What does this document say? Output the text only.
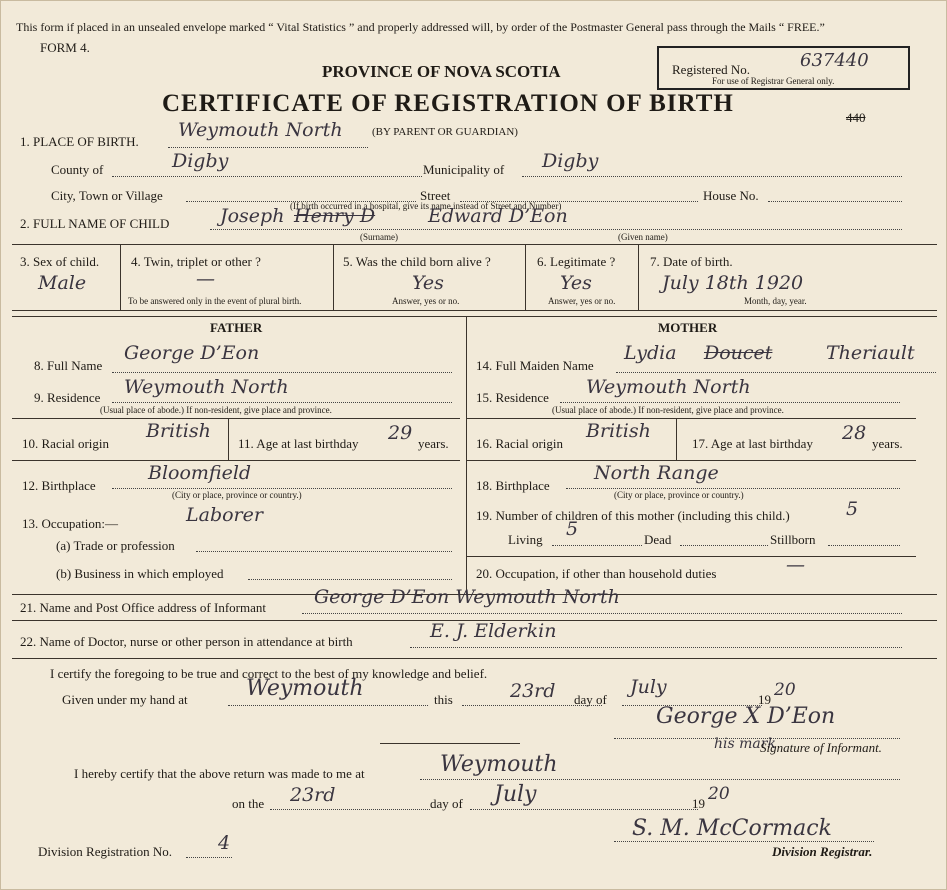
This form if placed in an unsealed envelope marked “ Vital Statistics ” and properly addressed will, by order of the Postmaster General pass through the Mails “ FREE.”
FORM 4.
PROVINCE OF NOVA SCOTIA
CERTIFICATE OF REGISTRATION OF BIRTH
Registered No.	637440
For use of Registrar General only.
440
1. PLACE OF BIRTH.
Weymouth North	(BY PARENT OR GUARDIAN)
County of	Digby	Municipality of Digby
City, Town or Village	Street	House No.
(If birth occurred in a hospital, give its name instead of Street and Number)
2. FULL NAME OF CHILD	Joseph Henry D	Edward D’Eon
(Surname)	(Given name)
3. Sex of child.
Male
4. Twin, triplet or other ?
—
To be answered only in the event of plural birth.
5. Was the child born alive ?
Yes
Answer, yes or no.
6. Legitimate ?
Yes
Answer, yes or no.
7. Date of birth.
July 18th 1920
Month, day, year.
FATHER	MOTHER
8. Full Name
George D’Eon
9. Residence Weymouth North
(Usual place of abode.) If non-resident, give place and province.
10. Racial origin
British
11. Age at last birthday 29 years.
12. Birthplace
Bloomfield
(City or place, province or country.)
13. Occupation:—	Laborer
(a) Trade or profession
(b) Business in which employed
14. Full Maiden Name
Lydia Doucet	Theriault
15. Residence Weymouth North
(Usual place of abode.) If non-resident, give place and province.
16. Racial origin
British
17. Age at last birthday 28 years.
18. Birthplace
North Range
(City or place, province or country.)
19. Number of children of this mother (including this child.)	5
Living 5	Dead	Stillborn
20. Occupation, if other than household duties	—
21. Name and Post Office address of Informant	George D’Eon Weymouth North
22. Name of Doctor, nurse or other person in attendance at birth	E. J. Elderkin
I certify the foregoing to be true and correct to the best of my knowledge and belief.
Given under my hand at	Weymouth	this	23rd day of
July
19 20
George X D’Eon
his mark
Signature of Informant.
I hereby certify that the above return was made to me at	Weymouth
on the 23rd	day of July	19 20
Division Registration No. 4
S. M. McCormack
Division Registrar.
